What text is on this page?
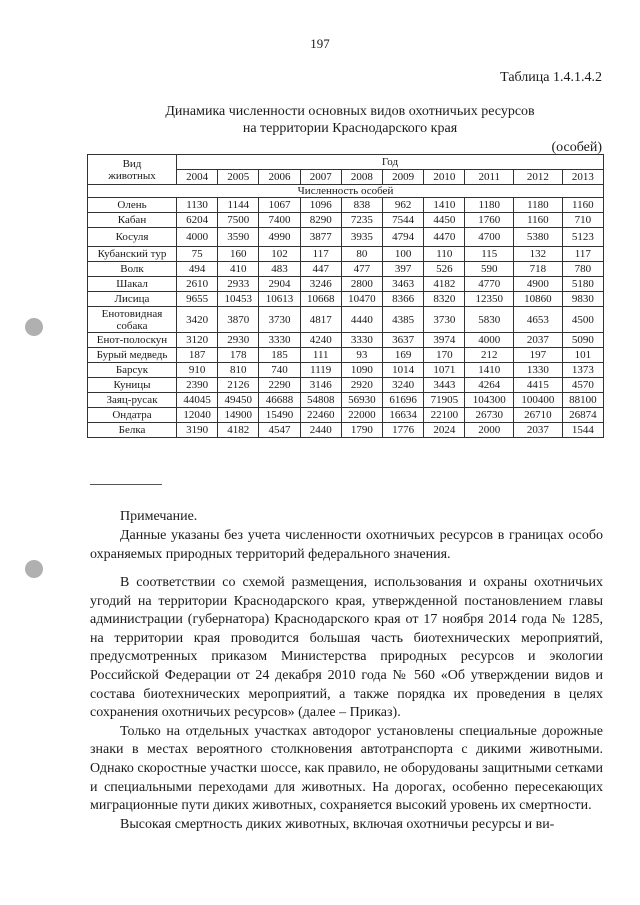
197
Таблица 1.4.1.4.2
Динамика численности основных видов охотничьих ресурсов
на территории Краснодарского края
(особей)
Вид
животных	Год									
	2004	2005	2006	2007	2008	2009	2010	2011	2012	2013
Численность особей										
Олень	1130	1144	1067	1096	838	962	1410	1180	1180	1160
Кабан	6204	7500	7400	8290	7235	7544	4450	1760	1160	710
Косуля	4000	3590	4990	3877	3935	4794	4470	4700	5380	5123
Кубанский тур	75	160	102	117	80	100	110	115	132	117
Волк	494	410	483	447	477	397	526	590	718	780
Шакал	2610	2933	2904	3246	2800	3463	4182	4770	4900	5180
Лисица	9655	10453	10613	10668	10470	8366	8320	12350	10860	9830
Енотовидная собака	3420	3870	3730	4817	4440	4385	3730	5830	4653	4500
Енот-полоскун	3120	2930	3330	4240	3330	3637	3974	4000	2037	5090
Бурый медведь	187	178	185	111	93	169	170	212	197	101
Барсук	910	810	740	1119	1090	1014	1071	1410	1330	1373
Куницы	2390	2126	2290	3146	2920	3240	3443	4264	4415	4570
Заяц-русак	44045	49450	46688	54808	56930	61696	71905	104300	100400	88100
Ондатра	12040	14900	15490	22460	22000	16634	22100	26730	26710	26874
Белка	3190	4182	4547	2440	1790	1776	2024	2000	2037	1544

Примечание.

Данные указаны без учета численности охотничьих ресурсов в границах особо охраняемых природных территорий федерального значения.

В соответствии со схемой размещения, использования и охраны охотничьих угодий на территории Краснодарского края, утвержденной постановлением главы администрации (губернатора) Краснодарского края от 17 ноября 2014 года № 1285, на территории края проводится большая часть биотехнических мероприятий, предусмотренных приказом Министерства природных ресурсов и экологии Российской Федерации от 24 декабря 2010 года № 560 «Об утверждении видов и состава биотехнических мероприятий, а также порядка их проведения в целях сохранения охотничьих ресурсов» (далее – Приказ).

Только на отдельных участках автодорог установлены специальные дорожные знаки в местах вероятного столкновения автотранспорта с дикими животными. Однако скоростные участки шоссе, как правило, не оборудованы защитными сетками и специальными переходами для животных. На дорогах, особенно пересекающих миграционные пути диких животных, сохраняется высокий уровень их смертности.

Высокая смертность диких животных, включая охотничьи ресурсы и ви-
